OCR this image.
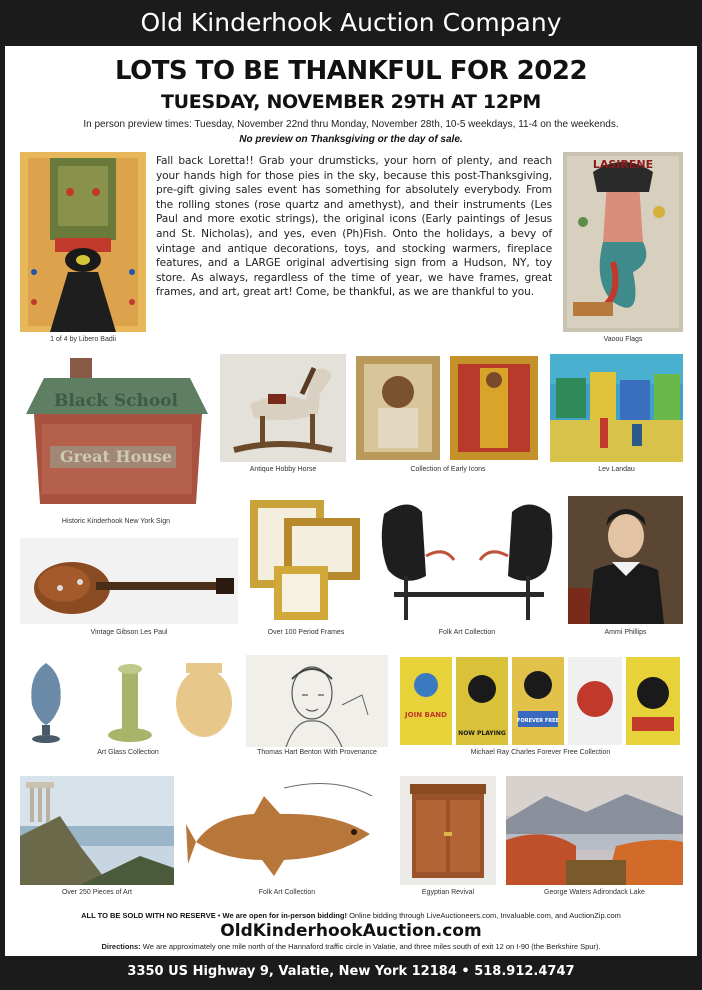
Old Kinderhook Auction Company
LOTS TO BE THANKFUL FOR 2022
TUESDAY, NOVEMBER 29TH AT 12PM
In person preview times: Tuesday, November 22nd thru Monday, November 28th, 10-5 weekdays, 11-4 on the weekends.
No preview on Thanksgiving or the day of sale.
1 of 4 by Libero Badii
Fall back Loretta!! Grab your drumsticks, your horn of plenty, and reach your hands high for those pies in the sky, because this post-Thanksgiving, pre-gift giving sales event has something for absolutely everybody. From the rolling stones (rose quartz and amethyst), and their instruments (Les Paul and more exotic strings), the original icons (Early paintings of Jesus and St. Nicholas), and yes, even (Ph)Fish. Onto the holidays, a bevy of vintage and antique decorations, toys, and stocking warmers, fireplace features, and a LARGE original advertising sign from a Hudson, NY, toy store. As always, regardless of the time of year, we have frames, great frames, and art, great art! Come, be thankful, as we are thankful to you.
LASIRENE
Vaoou Flags
Black School
Great House
Historic Kinderhook New York Sign
Antique Hobby Horse	Collection of Early Icons	Lev Landau
Vintage Gibson Les Paul	Over 100 Period Frames	Folk Art Collection	Ammi Phillips
Art Glass Collection	Thomas Hart Benton With Provenance
JOIN BAND
NOW PLAYING
FOREVER FREE
Michael Ray Charles Forever Free Collection
Over 250 Pieces of Art	Folk Art Collection	Egyptian Revival	George Waters Adirondack Lake
ALL TO BE SOLD WITH NO RESERVE • We are open for in-person bidding! Online bidding through LiveAuctioneers.com, Invaluable.com, and AuctionZip.com
OldKinderhookAuction.com
Directions: We are approximately one mile north of the Hannaford traffic circle in Valatie, and three miles south of exit 12 on I-90 (the Berkshire Spur).
3350 US Highway 9, Valatie, New York 12184 • 518.912.4747
